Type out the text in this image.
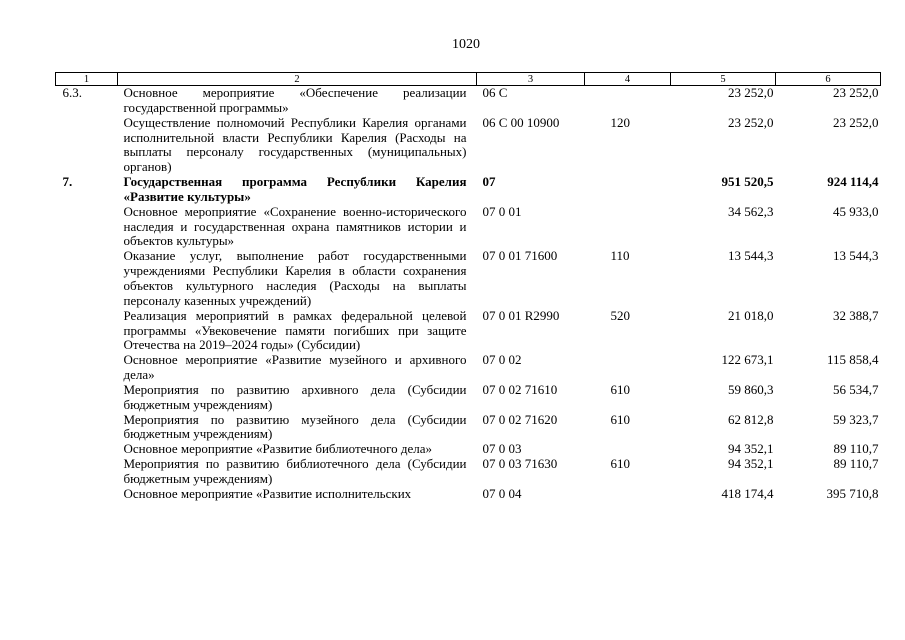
1020
1	2	3	4	5	6
6.3.	Основное мероприятие «Обеспечение реализации государственной программы»	06 С		23 252,0	23 252,0
	Осуществление полномочий Республики Карелия органами исполнительной власти Республики Карелия (Расходы на выплаты персоналу государственных (муниципальных) органов)	06 С 00 10900	120	23 252,0	23 252,0
7.	Государственная программа Республики Карелия «Развитие культуры»	07		951 520,5	924 114,4
	Основное мероприятие «Сохранение военно-исторического наследия и государственная охрана памятников истории и объектов культуры»	07 0 01		34 562,3	45 933,0
	Оказание услуг, выполнение работ государственными учреждениями Республики Карелия в области сохранения объектов культурного наследия (Расходы на выплаты персоналу казенных учреждений)	07 0 01 71600	110	13 544,3	13 544,3
	Реализация мероприятий в рамках федеральной целевой программы «Увековечение памяти погибших при защите Отечества на 2019–2024 годы» (Субсидии)	07 0 01 R2990	520	21 018,0	32 388,7
	Основное мероприятие «Развитие музейного и архивного дела»	07 0 02		122 673,1	115 858,4
	Мероприятия по развитию архивного дела (Субсидии бюджетным учреждениям)	07 0 02 71610	610	59 860,3	56 534,7
	Мероприятия по развитию музейного дела (Субсидии бюджетным учреждениям)	07 0 02 71620	610	62 812,8	59 323,7
	Основное мероприятие «Развитие библиотечного дела»	07 0 03		94 352,1	89 110,7
	Мероприятия по развитию библиотечного дела (Субсидии бюджетным учреждениям)	07 0 03 71630	610	94 352,1	89 110,7
	Основное мероприятие «Развитие исполнительских	07 0 04		418 174,4	395 710,8
